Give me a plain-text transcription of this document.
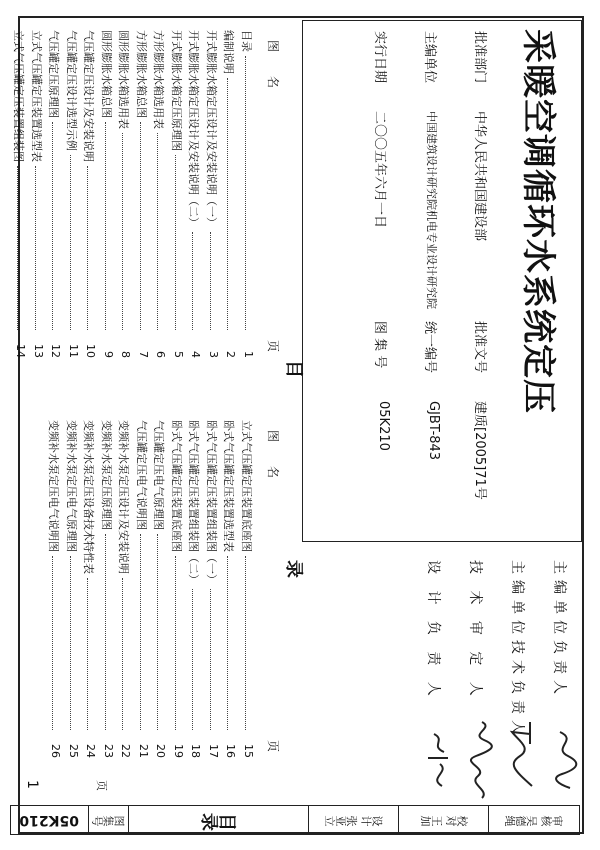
采暖空调循环水系统定压
批准部门
中华人民共和国建设部
批准文号
建质[2005]71号
主编单位
中国建筑设计研究院机电专业设计研究院
统一编号
GJBT-843
实行日期
二〇〇五年六月一日
图 集 号
05K210
主编单位负责人
主编单位技术负责人
技 术 审 定 人
设 计 负 责 人
目
录
图　　名
页
图　　名
页
目录
1
编制说明
2
开式膨胀水箱定压设计及安装说明（一）
3
开式膨胀水箱定压设计及安装说明（二）
4
开式膨胀水箱定压原理图
5
方形膨胀水箱选用表
6
方形膨胀水箱总图
7
圆形膨胀水箱选用表
8
圆形膨胀水箱总图
9
气压罐定压设计及安装说明
10
气压罐定压设计选型示例
11
气压罐定压原理图
12
立式气压罐定压装置选型表
13
立式气压罐定压装置组装图
14
立式气压罐定压装置底座图
15
卧式气压罐定压装置选型表
16
卧式气压罐定压装置组装图（一）
17
卧式气压罐定压装置组装图（二）
18
卧式气压罐定压装置底座图
19
气压罐定压电气原理图
20
气压罐定压电气说明图
21
变频补水泵定压设计及安装说明
22
变频补水泵定压原理图
23
变频补水泵定压设备技术特性表
24
变频补水泵定压电气原理图
25
变频补水泵定压电气说明图
26
审核 吴德绳
校对 王加
设计 张亚立
目录
图集号
05K210
页
1
